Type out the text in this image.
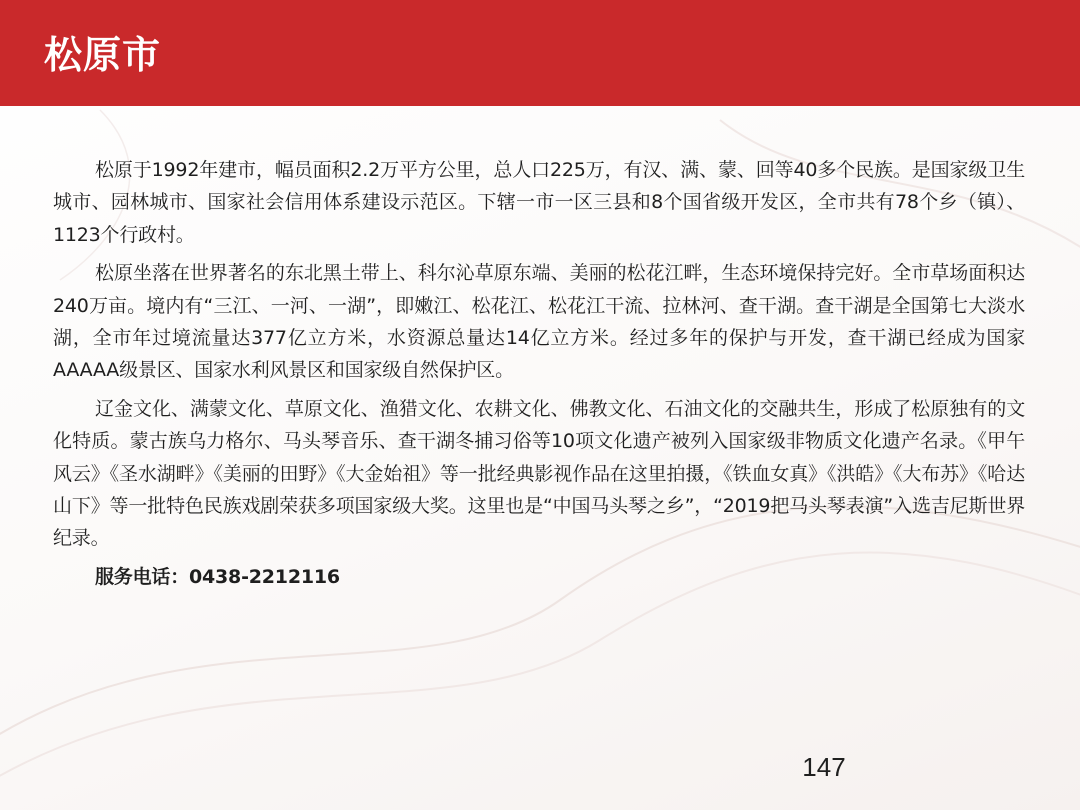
松原市

松原于1992年建市，幅员面积2.2万平方公里，总人口225万，有汉、满、蒙、回等40多个民族。是国家级卫生城市、园林城市、国家社会信用体系建设示范区。下辖一市一区三县和8个国省级开发区，全市共有78个乡（镇）、1123个行政村。

松原坐落在世界著名的东北黑土带上、科尔沁草原东端、美丽的松花江畔，生态环境保持完好。全市草场面积达240万亩。境内有“三江、一河、一湖”，即嫩江、松花江、松花江干流、拉林河、查干湖。查干湖是全国第七大淡水湖，全市年过境流量达377亿立方米，水资源总量达14亿立方米。经过多年的保护与开发，查干湖已经成为国家AAAAA级景区、国家水利风景区和国家级自然保护区。

辽金文化、满蒙文化、草原文化、渔猎文化、农耕文化、佛教文化、石油文化的交融共生，形成了松原独有的文化特质。蒙古族乌力格尔、马头琴音乐、查干湖冬捕习俗等10项文化遗产被列入国家级非物质文化遗产名录。《甲午风云》《圣水湖畔》《美丽的田野》《大金始祖》等一批经典影视作品在这里拍摄，《铁血女真》《洪皓》《大布苏》《哈达山下》等一批特色民族戏剧荣获多项国家级大奖。这里也是“中国马头琴之乡”，“2019把马头琴表演”入选吉尼斯世界纪录。

服务电话：0438-2212116

147
